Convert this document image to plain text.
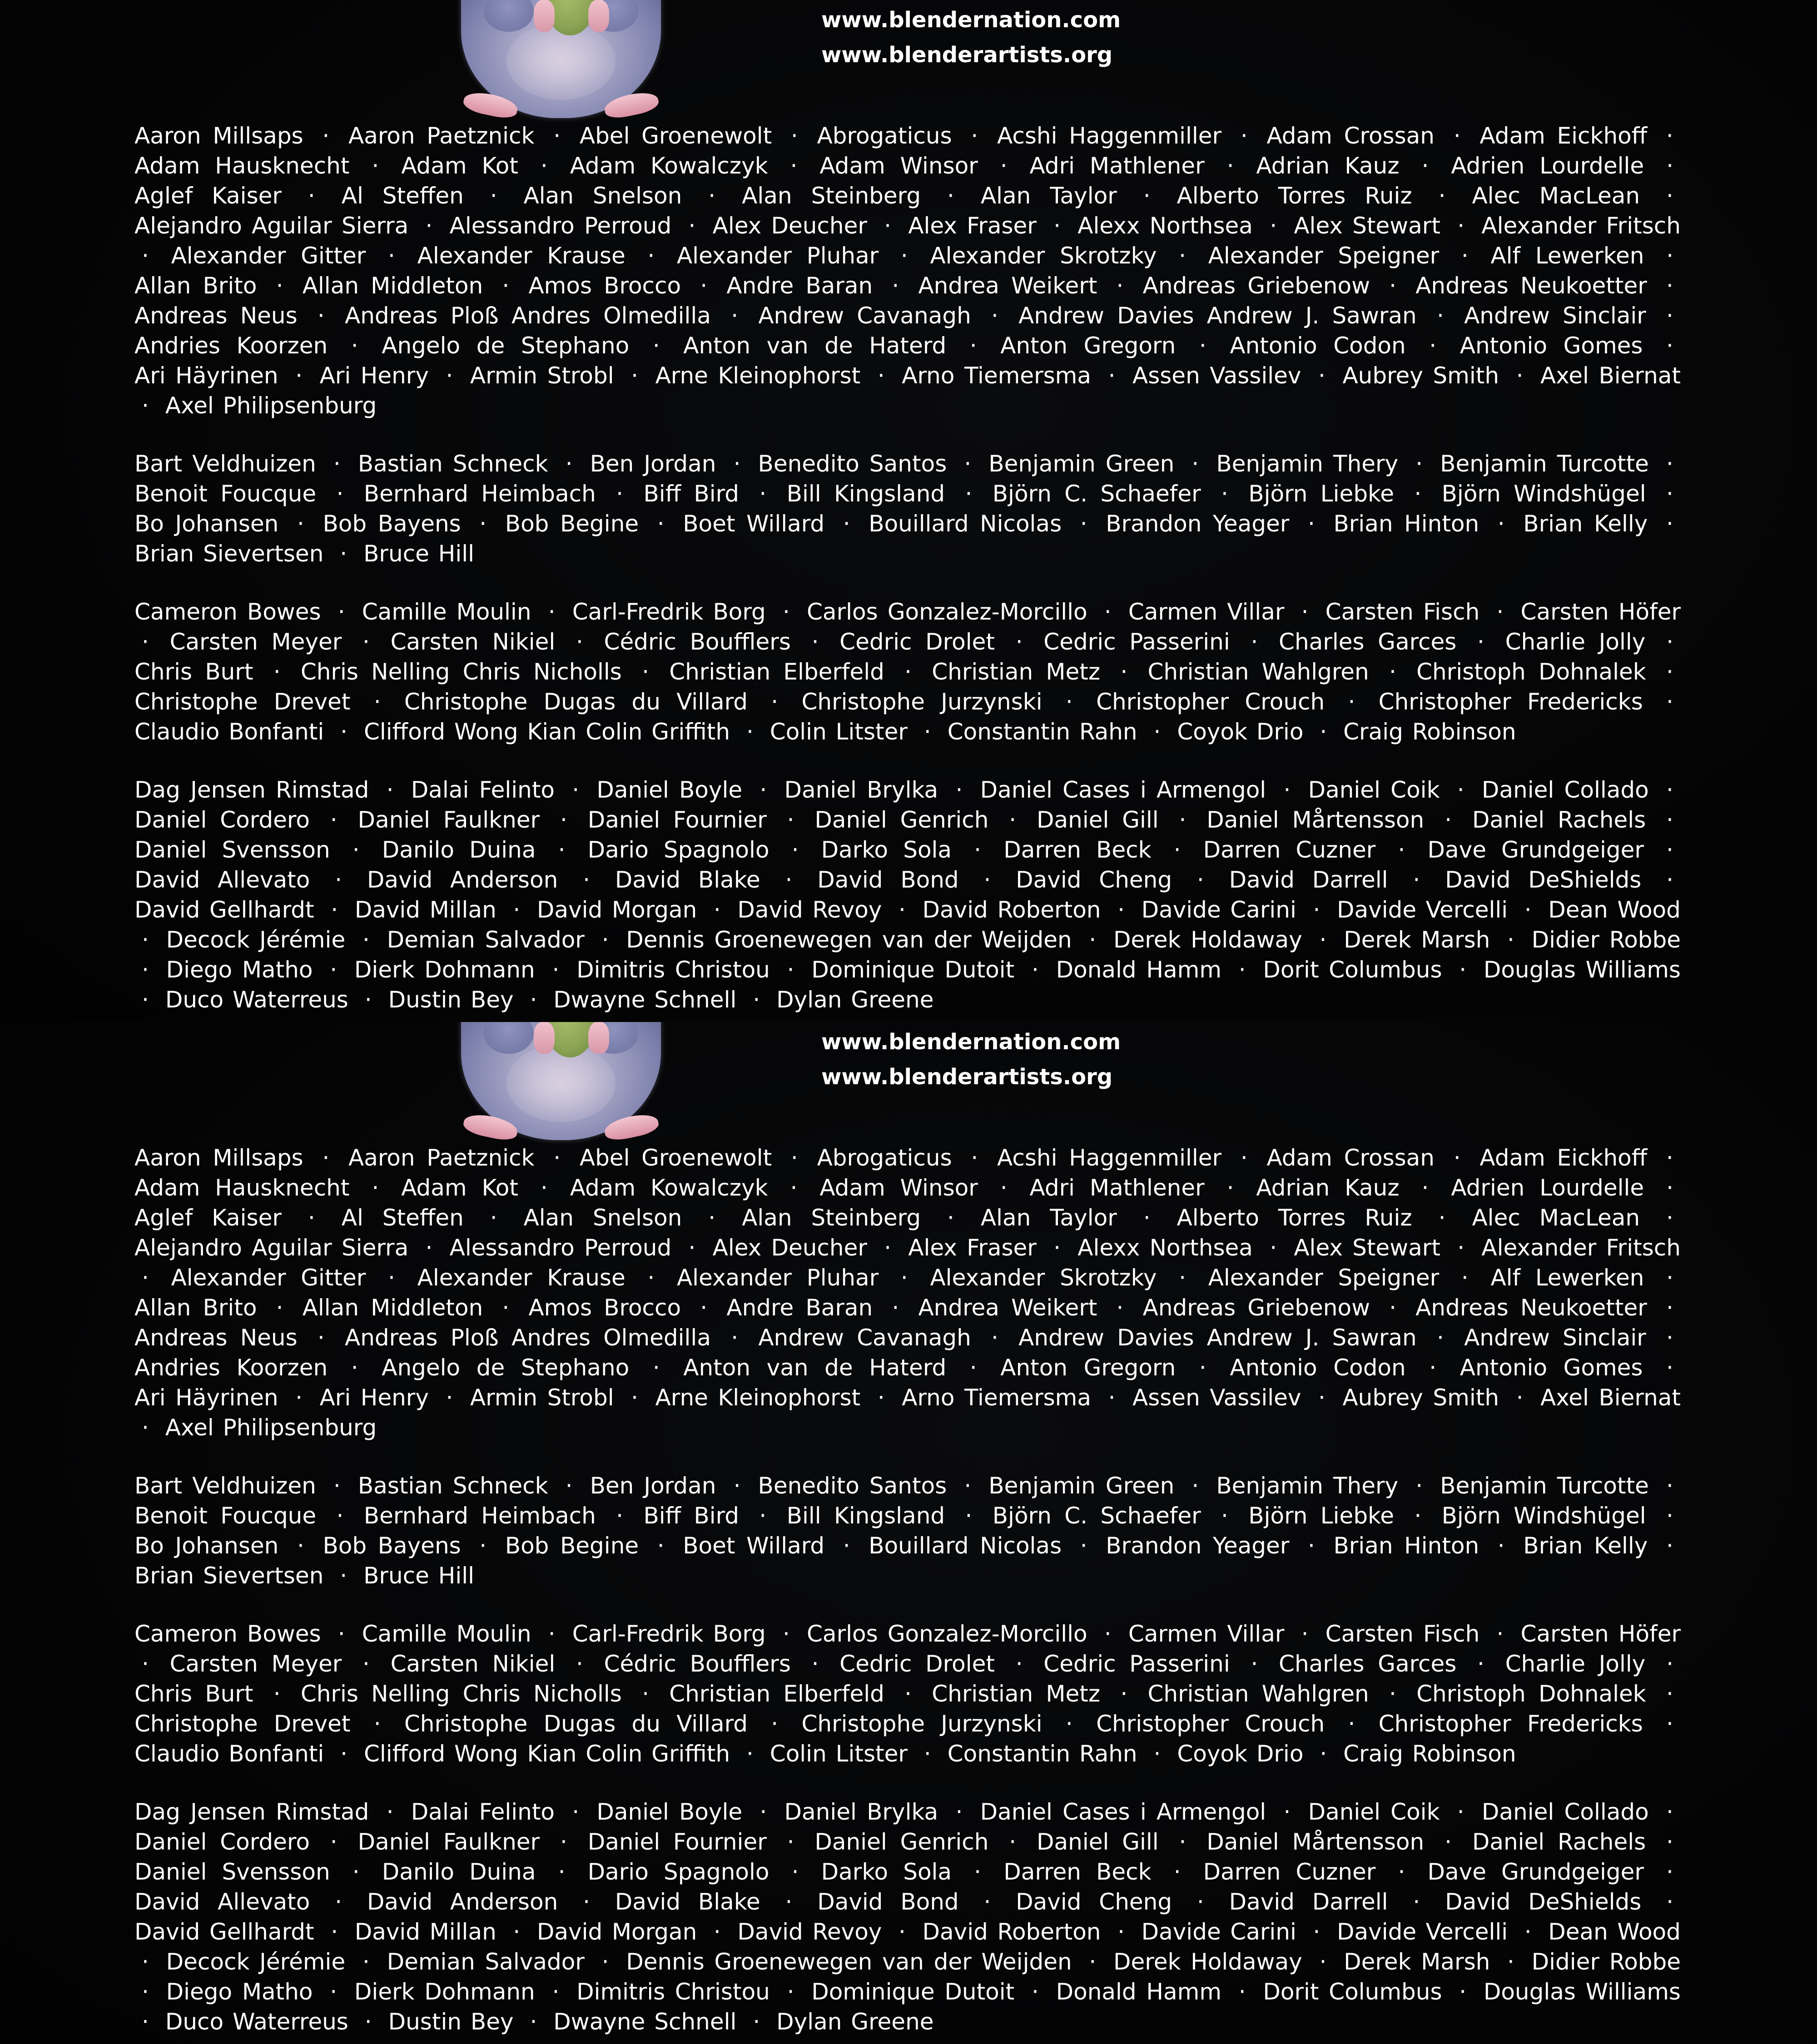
www.blendernation.com
www.blenderartists.org
Aaron Millsaps · Aaron Paetznick · Abel Groenewolt · Abrogaticus · Acshi Haggenmiller · Adam Crossan · Adam Eickhoff · Adam Hausknecht · Adam Kot · Adam Kowalczyk · Adam Winsor · Adri Mathlener · Adrian Kauz · Adrien Lourdelle · Aglef Kaiser · Al Steffen · Alan Snelson · Alan Steinberg · Alan Taylor · Alberto Torres Ruiz · Alec MacLean · Alejandro Aguilar Sierra · Alessandro Perroud · Alex Deucher · Alex Fraser · Alexx Northsea · Alex Stewart · Alexander Fritsch · Alexander Gitter · Alexander Krause · Alexander Pluhar · Alexander Skrotzky · Alexander Speigner · Alf Lewerken · Allan Brito · Allan Middleton · Amos Brocco · Andre Baran · Andrea Weikert · Andreas Griebenow · Andreas Neukoetter · Andreas Neus · Andreas Ploß Andres Olmedilla · Andrew Cavanagh · Andrew Davies Andrew J. Sawran · Andrew Sinclair · Andries Koorzen · Angelo de Stephano · Anton van de Haterd · Anton Gregorn · Antonio Codon · Antonio Gomes · Ari Häyrinen · Ari Henry · Armin Strobl · Arne Kleinophorst · Arno Tiemersma · Assen Vassilev · Aubrey Smith · Axel Biernat · Axel Philipsenburg
Bart Veldhuizen · Bastian Schneck · Ben Jordan · Benedito Santos · Benjamin Green · Benjamin Thery · Benjamin Turcotte · Benoit Foucque · Bernhard Heimbach · Biff Bird · Bill Kingsland · Björn C. Schaefer · Björn Liebke · Björn Windshügel · Bo Johansen · Bob Bayens · Bob Begine · Boet Willard · Bouillard Nicolas · Brandon Yeager · Brian Hinton · Brian Kelly · Brian Sievertsen · Bruce Hill
Cameron Bowes · Camille Moulin · Carl-Fredrik Borg · Carlos Gonzalez-Morcillo · Carmen Villar · Carsten Fisch · Carsten Höfer · Carsten Meyer · Carsten Nikiel · Cédric Boufflers · Cedric Drolet · Cedric Passerini · Charles Garces · Charlie Jolly · Chris Burt · Chris Nelling Chris Nicholls · Christian Elberfeld · Christian Metz · Christian Wahlgren · Christoph Dohnalek · Christophe Drevet · Christophe Dugas du Villard · Christophe Jurzynski · Christopher Crouch · Christopher Fredericks · Claudio Bonfanti · Clifford Wong Kian Colin Griffith · Colin Litster · Constantin Rahn · Coyok Drio · Craig Robinson
Dag Jensen Rimstad · Dalai Felinto · Daniel Boyle · Daniel Brylka · Daniel Cases i Armengol · Daniel Coik · Daniel Collado · Daniel Cordero · Daniel Faulkner · Daniel Fournier · Daniel Genrich · Daniel Gill · Daniel Mårtensson · Daniel Rachels · Daniel Svensson · Danilo Duina · Dario Spagnolo · Darko Sola · Darren Beck · Darren Cuzner · Dave Grundgeiger · David Allevato · David Anderson · David Blake · David Bond · David Cheng · David Darrell · David DeShields · David Gellhardt · David Millan · David Morgan · David Revoy · David Roberton · Davide Carini · Davide Vercelli · Dean Wood · Decock Jérémie · Demian Salvador · Dennis Groenewegen van der Weijden · Derek Holdaway · Derek Marsh · Didier Robbe · Diego Matho · Dierk Dohmann · Dimitris Christou · Dominique Dutoit · Donald Hamm · Dorit Columbus · Douglas Williams · Duco Waterreus · Dustin Bey · Dwayne Schnell · Dylan Greene
www.blendernation.com
www.blenderartists.org
Aaron Millsaps · Aaron Paetznick · Abel Groenewolt · Abrogaticus · Acshi Haggenmiller · Adam Crossan · Adam Eickhoff · Adam Hausknecht · Adam Kot · Adam Kowalczyk · Adam Winsor · Adri Mathlener · Adrian Kauz · Adrien Lourdelle · Aglef Kaiser · Al Steffen · Alan Snelson · Alan Steinberg · Alan Taylor · Alberto Torres Ruiz · Alec MacLean · Alejandro Aguilar Sierra · Alessandro Perroud · Alex Deucher · Alex Fraser · Alexx Northsea · Alex Stewart · Alexander Fritsch · Alexander Gitter · Alexander Krause · Alexander Pluhar · Alexander Skrotzky · Alexander Speigner · Alf Lewerken · Allan Brito · Allan Middleton · Amos Brocco · Andre Baran · Andrea Weikert · Andreas Griebenow · Andreas Neukoetter · Andreas Neus · Andreas Ploß Andres Olmedilla · Andrew Cavanagh · Andrew Davies Andrew J. Sawran · Andrew Sinclair · Andries Koorzen · Angelo de Stephano · Anton van de Haterd · Anton Gregorn · Antonio Codon · Antonio Gomes · Ari Häyrinen · Ari Henry · Armin Strobl · Arne Kleinophorst · Arno Tiemersma · Assen Vassilev · Aubrey Smith · Axel Biernat · Axel Philipsenburg
Bart Veldhuizen · Bastian Schneck · Ben Jordan · Benedito Santos · Benjamin Green · Benjamin Thery · Benjamin Turcotte · Benoit Foucque · Bernhard Heimbach · Biff Bird · Bill Kingsland · Björn C. Schaefer · Björn Liebke · Björn Windshügel · Bo Johansen · Bob Bayens · Bob Begine · Boet Willard · Bouillard Nicolas · Brandon Yeager · Brian Hinton · Brian Kelly · Brian Sievertsen · Bruce Hill
Cameron Bowes · Camille Moulin · Carl-Fredrik Borg · Carlos Gonzalez-Morcillo · Carmen Villar · Carsten Fisch · Carsten Höfer · Carsten Meyer · Carsten Nikiel · Cédric Boufflers · Cedric Drolet · Cedric Passerini · Charles Garces · Charlie Jolly · Chris Burt · Chris Nelling Chris Nicholls · Christian Elberfeld · Christian Metz · Christian Wahlgren · Christoph Dohnalek · Christophe Drevet · Christophe Dugas du Villard · Christophe Jurzynski · Christopher Crouch · Christopher Fredericks · Claudio Bonfanti · Clifford Wong Kian Colin Griffith · Colin Litster · Constantin Rahn · Coyok Drio · Craig Robinson
Dag Jensen Rimstad · Dalai Felinto · Daniel Boyle · Daniel Brylka · Daniel Cases i Armengol · Daniel Coik · Daniel Collado · Daniel Cordero · Daniel Faulkner · Daniel Fournier · Daniel Genrich · Daniel Gill · Daniel Mårtensson · Daniel Rachels · Daniel Svensson · Danilo Duina · Dario Spagnolo · Darko Sola · Darren Beck · Darren Cuzner · Dave Grundgeiger · David Allevato · David Anderson · David Blake · David Bond · David Cheng · David Darrell · David DeShields · David Gellhardt · David Millan · David Morgan · David Revoy · David Roberton · Davide Carini · Davide Vercelli · Dean Wood · Decock Jérémie · Demian Salvador · Dennis Groenewegen van der Weijden · Derek Holdaway · Derek Marsh · Didier Robbe · Diego Matho · Dierk Dohmann · Dimitris Christou · Dominique Dutoit · Donald Hamm · Dorit Columbus · Douglas Williams · Duco Waterreus · Dustin Bey · Dwayne Schnell · Dylan Greene
